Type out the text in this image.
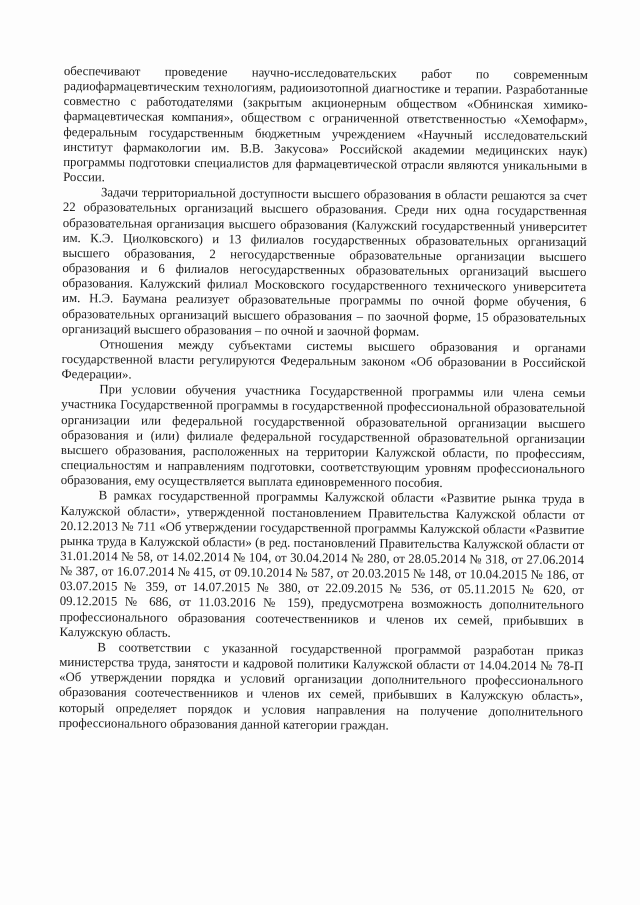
обеспечивают проведение научно-исследовательских работ по современным радиофармацевтическим технологиям, радиоизотопной диагностике и терапии. Разработанные совместно с работодателями (закрытым акционерным обществом «Обнинская химико-фармацевтическая компания», обществом с ограниченной ответственностью «Хемофарм», федеральным государственным бюджетным учреждением «Научный исследовательский институт фармакологии им. В.В. Закусова» Российской академии медицинских наук) программы подготовки специалистов для фармацевтической отрасли являются уникальными в России.

Задачи территориальной доступности высшего образования в области решаются за счет 22 образовательных организаций высшего образования. Среди них одна государственная образовательная организация высшего образования (Калужский государственный университет им. К.Э. Циолковского) и 13 филиалов государственных образовательных организаций высшего образования, 2 негосударственные образовательные организации высшего образования и 6 филиалов негосударственных образовательных организаций высшего образования. Калужский филиал Московского государственного технического университета им. Н.Э. Баумана реализует образовательные программы по очной форме обучения, 6 образовательных организаций высшего образования – по заочной форме, 15 образовательных организаций высшего образования – по очной и заочной формам.

Отношения между субъектами системы высшего образования и органами государственной власти регулируются Федеральным законом «Об образовании в Российской Федерации».

При условии обучения участника Государственной программы или члена семьи участника Государственной программы в государственной профессиональной образовательной организации или федеральной государственной образовательной организации высшего образования и (или) филиале федеральной государственной образовательной организации высшего образования, расположенных на территории Калужской области, по профессиям, специальностям и направлениям подготовки, соответствующим уровням профессионального образования, ему осуществляется выплата единовременного пособия.

В рамках государственной программы Калужской области «Развитие рынка труда в Калужской области», утвержденной постановлением Правительства Калужской области от 20.12.2013 № 711 «Об утверждении государственной программы Калужской области «Развитие рынка труда в Калужской области» (в ред. постановлений Правительства Калужской области от 31.01.2014 № 58, от 14.02.2014 № 104, от 30.04.2014 № 280, от 28.05.2014 № 318, от 27.06.2014 № 387, от 16.07.2014 № 415, от 09.10.2014 № 587, от 20.03.2015 № 148, от 10.04.2015 № 186, от 03.07.2015 № 359, от 14.07.2015 № 380, от 22.09.2015 № 536, от 05.11.2015 № 620, от 09.12.2015 № 686, от 11.03.2016 № 159), предусмотрена возможность дополнительного профессионального образования соотечественников и членов их семей, прибывших в Калужскую область.

В соответствии с указанной государственной программой разработан приказ министерства труда, занятости и кадровой политики Калужской области от 14.04.2014 № 78-П «Об утверждении порядка и условий организации дополнительного профессионального образования соотечественников и членов их семей, прибывших в Калужскую область», который определяет порядок и условия направления на получение дополнительного профессионального образования данной категории граждан.
